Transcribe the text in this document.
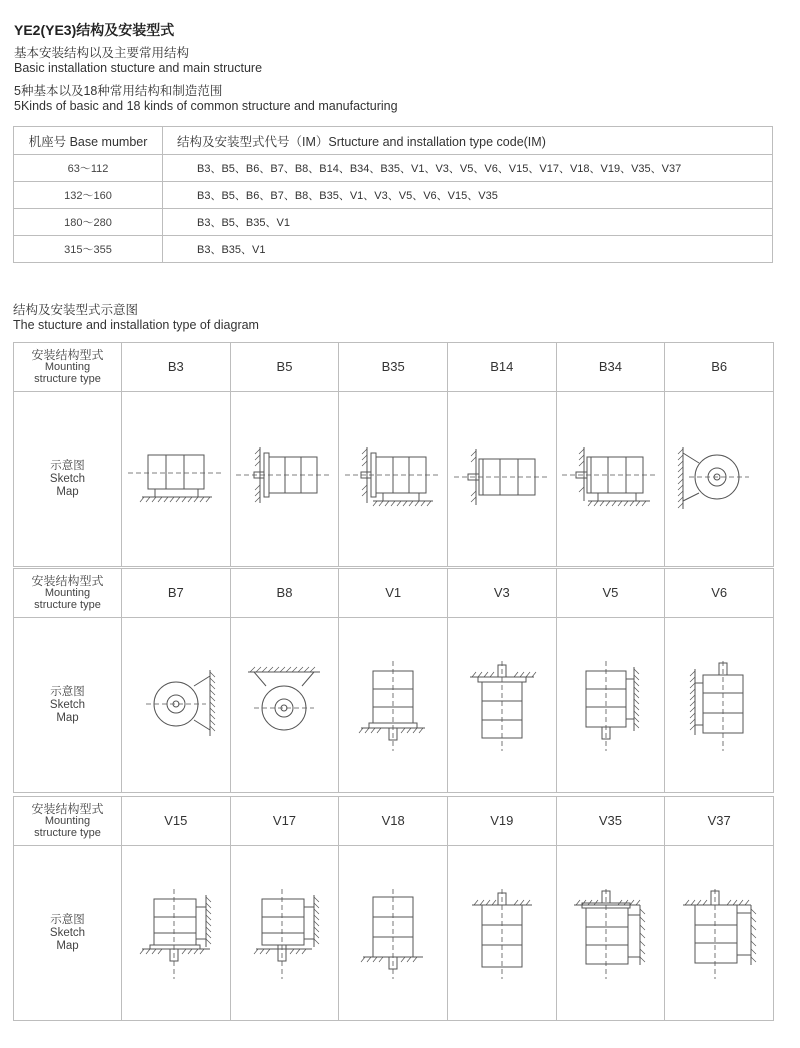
YE2(YE3)结构及安装型式
基本安装结构以及主要常用结构
Basic installation stucture and main structure
5种基本以及18种常用结构和制造范围
5Kinds of basic and 18 kinds of common structure and manufacturing
机座号 Base mumber	结构及安装型式代号（IM）Srtucture and installation type code(IM)
63～112	B3、B5、B6、B7、B8、B14、B34、B35、V1、V3、V5、V6、V15、V17、V18、V19、V35、V37
132～160	B3、B5、B6、B7、B8、B35、V1、V3、V5、V6、V15、V35
180～280	B3、B5、B35、V1
315～355	B3、B35、V1
结构及安装型式示意图
The stucture and installation type of diagram
安装结构型式
Mounting
structure type	B3	B5	B35	B14	B34	B6

示意图
Sketch
Map

安装结构型式
Mounting
structure type	B7	B8	V1	V3	V5	V6

示意图
Sketch
Map

安装结构型式
Mounting
structure type	V15	V17	V18	V19	V35	V37

示意图
Sketch
Map
